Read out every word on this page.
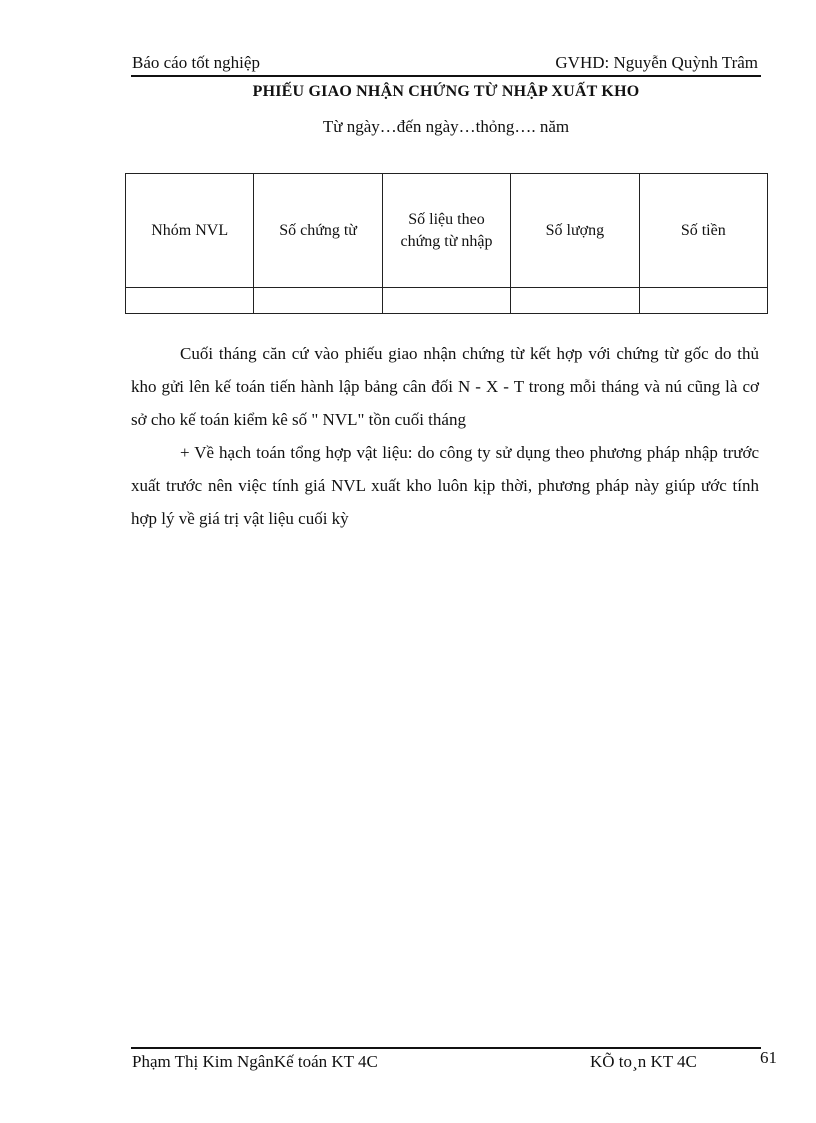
Báo cáo tốt nghiệp	GVHD: Nguyễn Quỳnh Trâm
PHIẾU GIAO NHẬN CHỨNG TỪ NHẬP XUẤT KHO
Từ ngày…đến ngày…thỏng…. năm
Nhóm NVL	Số chứng từ	Số liệu theo chứng từ nhập	Số lượng	Số tiền

Cuối tháng căn cứ vào phiếu giao nhận chứng từ kết hợp với chứng từ gốc do thủ kho gửi lên kế toán tiến hành lập bảng cân đối N - X - T trong mỗi tháng và nú cũng là cơ sở cho kế toán kiểm kê số " NVL" tồn cuối tháng

+ Về hạch toán tổng hợp vật liệu: do công ty sử dụng theo phương pháp nhập trước xuất trước nên việc tính giá NVL xuất kho luôn kịp thời, phương pháp này giúp ước tính hợp lý về giá trị vật liệu cuối kỳ

Phạm Thị Kim NgânKế toán KT 4C	KÕ to¸n KT 4C	61
